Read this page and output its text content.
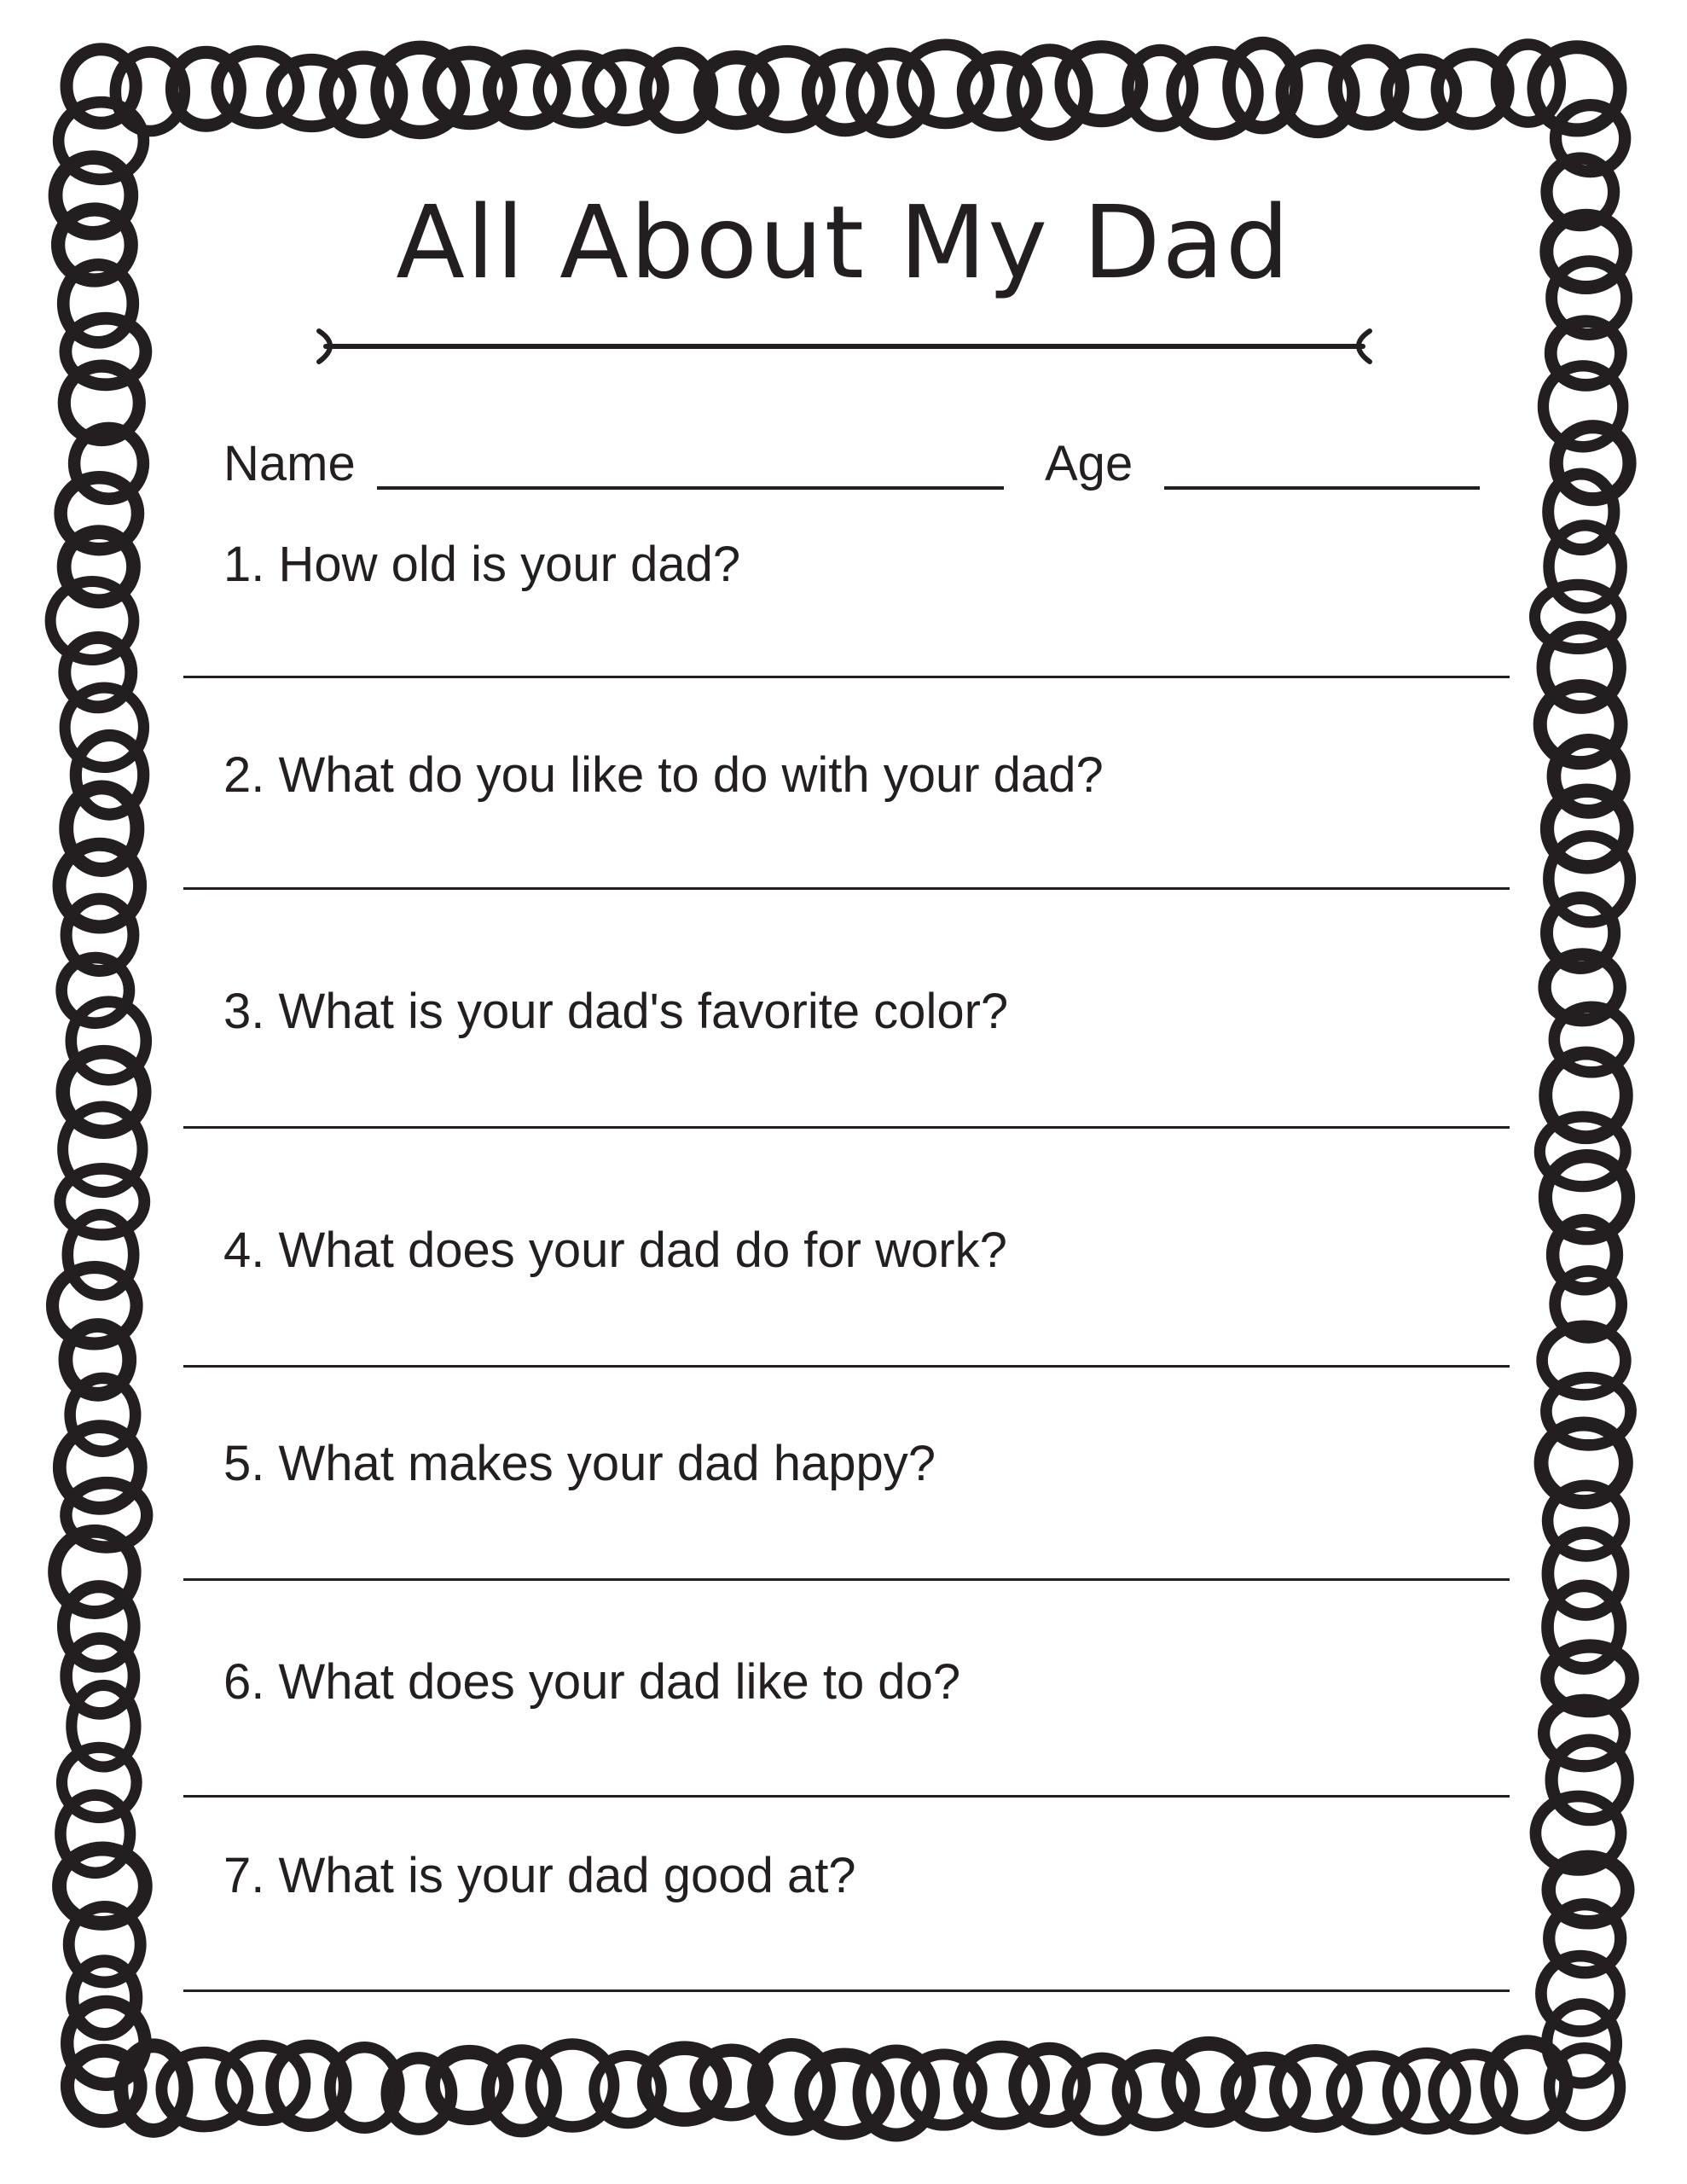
All About My Dad
Name	Age
1. How old is your dad?
2. What do you like to do with your dad?
3. What is your dad's favorite color?
4. What does your dad do for work?
5. What makes your dad happy?
6. What does your dad like to do?
7. What is your dad good at?
